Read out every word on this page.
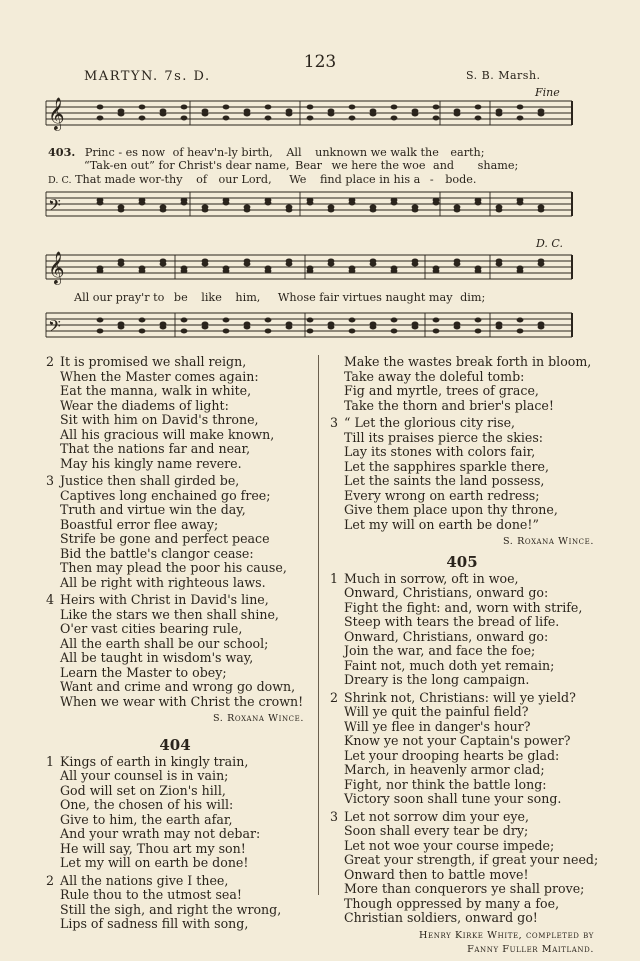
123
MARTYN. 7s. D.	S. B. Marsh.
Fine
D. C.
𝄞
𝄢
𝄞
𝄢
403. Princ - es now of heav'n-ly birth, All unknown we walk the earth;
“Tak-en out” for Christ's dear name, Bear we here the woe and shame;
D. C. That made wor-thy of our Lord, We find place in his a - bode.
All our pray'r to be like him, Whose fair virtues naught may dim;
2 It is promised we shall reign,
When the Master comes again:
Eat the manna, walk in white,
Wear the diadems of light:
Sit with him on David's throne,
All his gracious will make known,
That the nations far and near,
May his kingly name revere.
3 Justice then shall girded be,
Captives long enchained go free;
Truth and virtue win the day,
Boastful error flee away;
Strife be gone and perfect peace
Bid the battle's clangor cease:
Then may plead the poor his cause,
All be right with righteous laws.
4 Heirs with Christ in David's line,
Like the stars we then shall shine,
O'er vast cities bearing rule,
All the earth shall be our school;
All be taught in wisdom's way,
Learn the Master to obey;
Want and crime and wrong go down,
When we wear with Christ the crown!
S. Roxana Wince.
404
1 Kings of earth in kingly train,
All your counsel is in vain;
God will set on Zion's hill,
One, the chosen of his will:
Give to him, the earth afar,
And your wrath may not debar:
He will say, Thou art my son!
Let my will on earth be done!
2 All the nations give I thee,
Rule thou to the utmost sea!
Still the sigh, and right the wrong,
Lips of sadness fill with song,
Make the wastes break forth in bloom,
Take away the doleful tomb:
Fig and myrtle, trees of grace,
Take the thorn and brier's place!
3 “ Let the glorious city rise,
Till its praises pierce the skies:
Lay its stones with colors fair,
Let the sapphires sparkle there,
Let the saints the land possess,
Every wrong on earth redress;
Give them place upon thy throne,
Let my will on earth be done!”
S. Roxana Wince.
405
1 Much in sorrow, oft in woe,
Onward, Christians, onward go:
Fight the fight: and, worn with strife,
Steep with tears the bread of life.
Onward, Christians, onward go:
Join the war, and face the foe;
Faint not, much doth yet remain;
Dreary is the long campaign.
2 Shrink not, Christians: will ye yield?
Will ye quit the painful field?
Will ye flee in danger's hour?
Know ye not your Captain's power?
Let your drooping hearts be glad:
March, in heavenly armor clad;
Fight, nor think the battle long:
Victory soon shall tune your song.
3 Let not sorrow dim your eye,
Soon shall every tear be dry;
Let not woe your course impede;
Great your strength, if great your need;
Onward then to battle move!
More than conquerors ye shall prove;
Though oppressed by many a foe,
Christian soldiers, onward go!
Henry Kirke White, completed by
Fanny Fuller Maitland.
